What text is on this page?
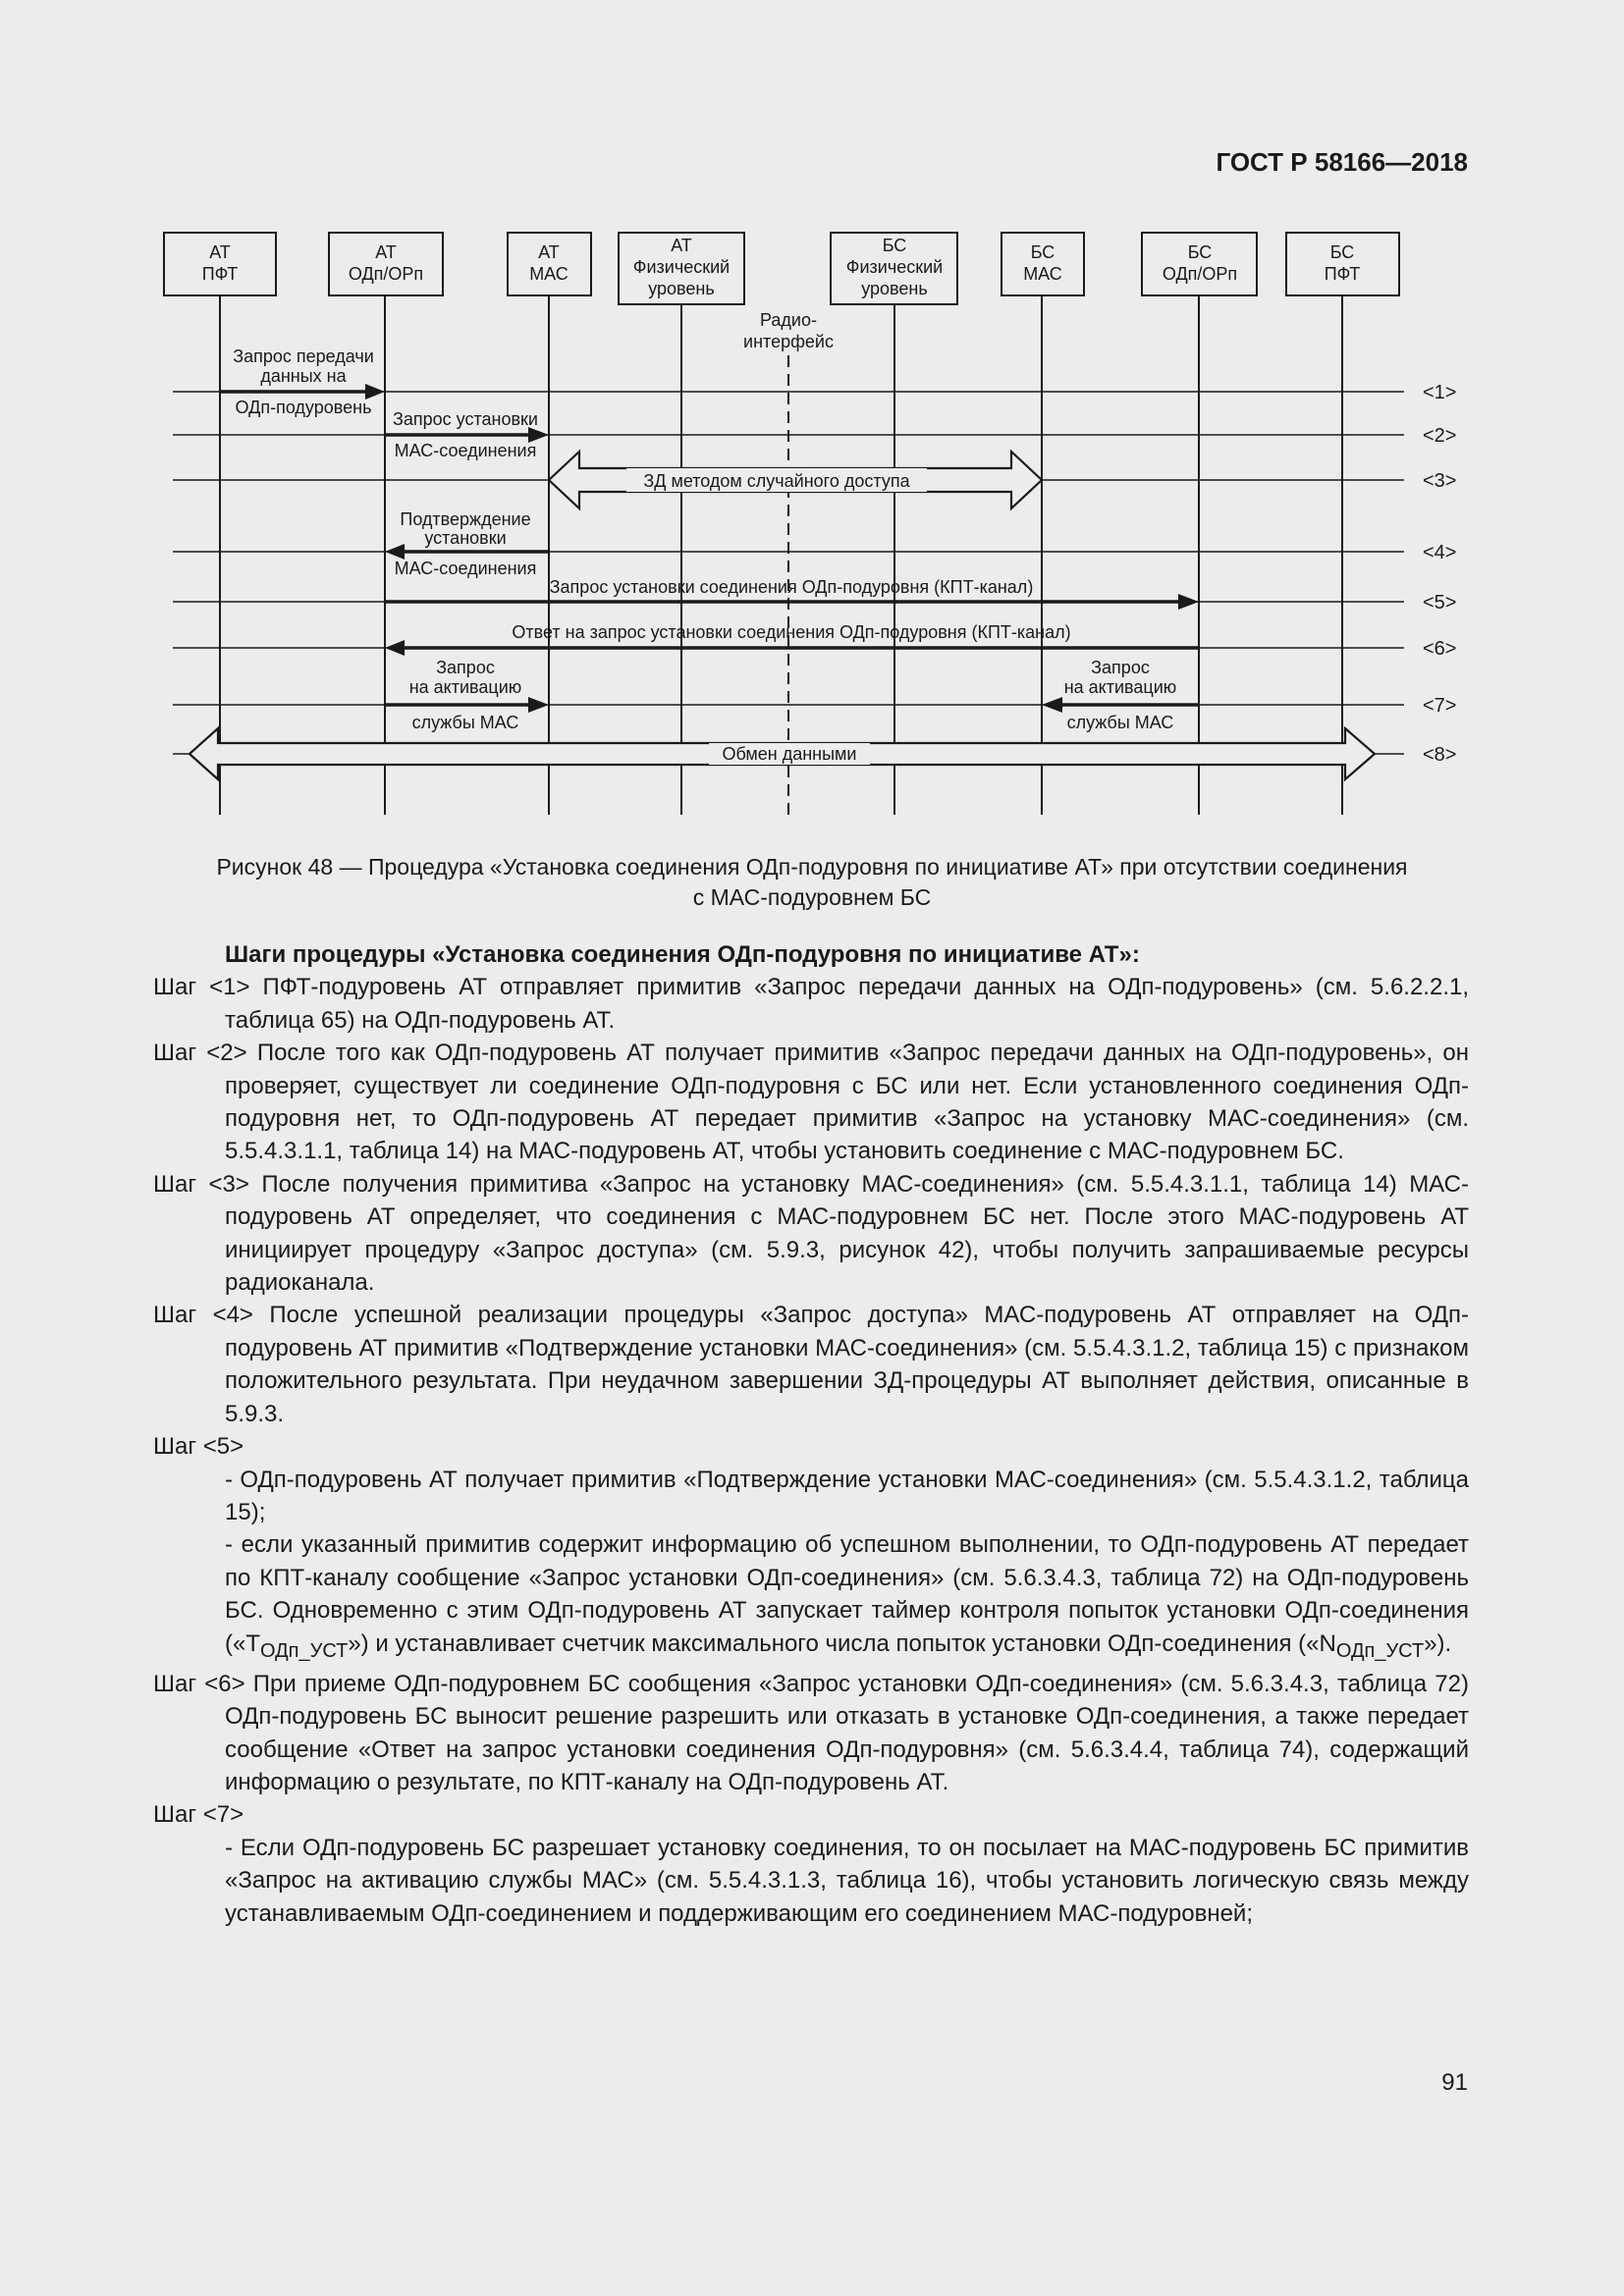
ГОСТ Р 58166—2018
АТ
ПФТ
АТ
ОДп/ОРп
АТ
МАС
АТ
Физический
уровень
БС
Физический
уровень
БС
МАС
БС
ОДп/ОРп
БС
ПФТ
Радио-
интерфейс
Запрос передачи
данных на
ОДп-подуровень
Запрос установки
МАС-соединения
Подтверждение
установки
МАС-соединения
Запрос установки соединения ОДп-подуровня (КПТ-канал)
Ответ на запрос установки соединения ОДп-подуровня (КПТ-канал)
Запрос
на активацию
службы МАС
Запрос
на активацию
службы МАС
ЗД методом случайного доступа
Обмен данными
<1>
<2>
<3>
<4>
<5>
<6>
<7>
<8>
Рисунок 48 — Процедура «Установка соединения ОДп-подуровня по инициативе АТ» при отсутствии соединения
с МАС-подуровнем БС
Шаги процедуры «Установка соединения ОДп-подуровня по инициативе АТ»:
Шаг <1> ПФТ-подуровень АТ отправляет примитив «Запрос передачи данных на ОДп-подуровень» (см. 5.6.2.2.1, таблица 65) на ОДп-подуровень АТ.
Шаг <2> После того как ОДп-подуровень АТ получает примитив «Запрос передачи данных на ОДп-подуровень», он проверяет, существует ли соединение ОДп-подуровня с БС или нет. Если установленного соединения ОДп-подуровня нет, то ОДп-подуровень АТ передает примитив «Запрос на установку МАС-соединения» (см. 5.5.4.3.1.1, таблица 14) на МАС-подуровень АТ, чтобы установить соединение с МАС-подуровнем БС.
Шаг <3> После получения примитива «Запрос на установку МАС-соединения» (см. 5.5.4.3.1.1, таблица 14) МАС-подуровень АТ определяет, что соединения с МАС-подуровнем БС нет. После этого МАС-подуровень АТ инициирует процедуру «Запрос доступа» (см. 5.9.3, рисунок 42), чтобы получить запрашиваемые ресурсы радиоканала.
Шаг <4> После успешной реализации процедуры «Запрос доступа» МАС-подуровень АТ отправляет на ОДп-подуровень АТ примитив «Подтверждение установки МАС-соединения» (см. 5.5.4.3.1.2, таблица 15) с признаком положительного результата. При неудачном завершении ЗД-процедуры АТ выполняет действия, описанные в 5.9.3.
Шаг <5>
- ОДп-подуровень АТ получает примитив «Подтверждение установки МАС-соединения» (см. 5.5.4.3.1.2, таблица 15);
- если указанный примитив содержит информацию об успешном выполнении, то ОДп-подуровень АТ передает по КПТ-каналу сообщение «Запрос установки ОДп-соединения» (см. 5.6.3.4.3, таблица 72) на ОДп-подуровень БС. Одновременно с этим ОДп-подуровень АТ запускает таймер контроля попыток установки ОДп-соединения $(«T_{ОДп\_УСТ}»)$ и устанавливает счетчик максимального числа попыток установки ОДп-соединения $(«N_{ОДп\_УСТ}»)$.
Шаг <6> При приеме ОДп-подуровнем БС сообщения «Запрос установки ОДп-соединения» (см. 5.6.3.4.3, таблица 72) ОДп-подуровень БС выносит решение разрешить или отказать в установке ОДп-соединения, а также передает сообщение «Ответ на запрос установки соединения ОДп-подуровня» (см. 5.6.3.4.4, таблица 74), содержащий информацию о результате, по КПТ-каналу на ОДп-подуровень АТ.
Шаг <7>
- Если ОДп-подуровень БС разрешает установку соединения, то он посылает на МАС-подуровень БС примитив «Запрос на активацию службы МАС» (см. 5.5.4.3.1.3, таблица 16), чтобы установить логическую связь между устанавливаемым ОДп-соединением и поддерживающим его соединением МАС-подуровней;
91
